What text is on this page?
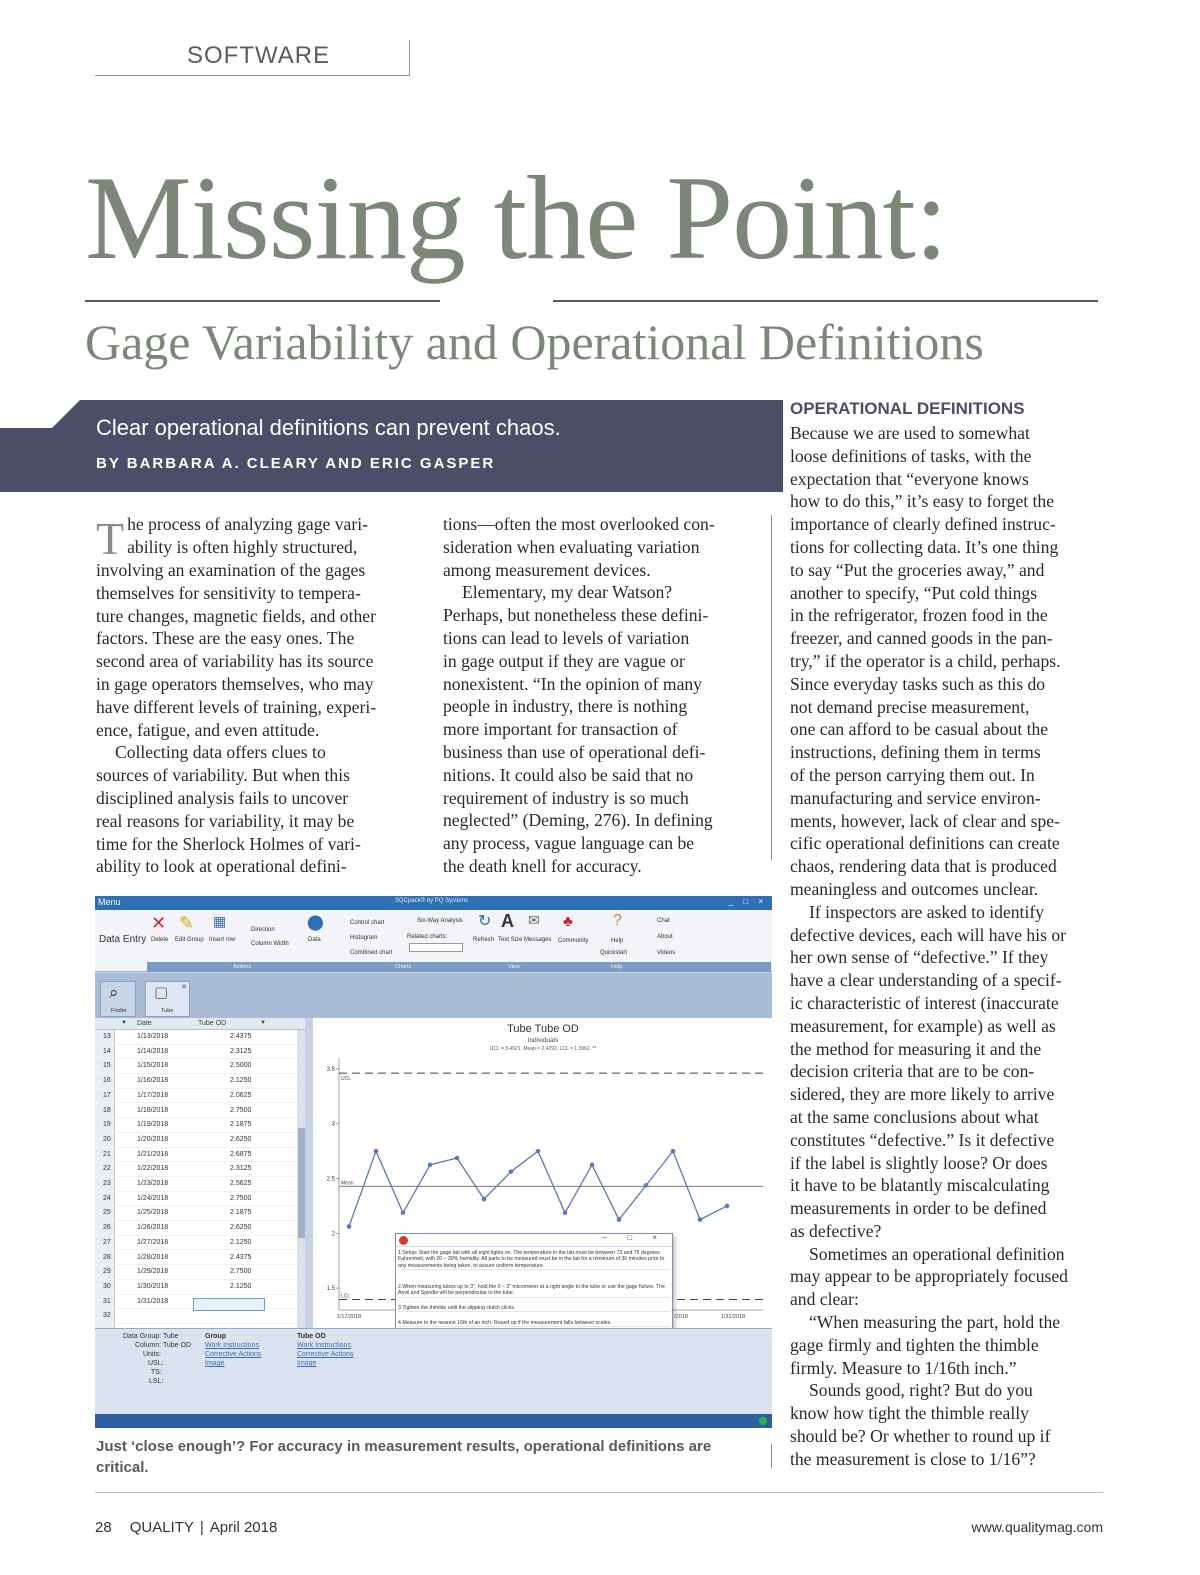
SOFTWARE
Missing the Point:
Gage Variability and Operational Definitions
Clear operational definitions can prevent chaos.
BY BARBARA A. CLEARY AND ERIC GASPER
T he process of analyzing gage vari-
ability is often highly structured,
involving an examination of the gages
themselves for sensitivity to tempera-
ture changes, magnetic fields, and other
factors. These are the easy ones. The
second area of variability has its source
in gage operators themselves, who may
have different levels of training, experi-
ence, fatigue, and even attitude.
Collecting data offers clues to
sources of variability. But when this
disciplined analysis fails to uncover
real reasons for variability, it may be
time for the Sherlock Holmes of vari-
ability to look at operational defini-
tions—often the most overlooked con-
sideration when evaluating variation
among measurement devices.
Elementary, my dear Watson?
Perhaps, but nonetheless these defini-
tions can lead to levels of variation
in gage output if they are vague or
nonexistent. “In the opinion of many
people in industry, there is nothing
more important for transaction of
business than use of operational defi-
nitions. It could also be said that no
requirement of industry is so much
neglected” (Deming, 276). In defining
any process, vague language can be
the death knell for accuracy.
OPERATIONAL DEFINITIONS
Because we are used to somewhat
loose definitions of tasks, with the
expectation that “everyone knows
how to do this,” it’s easy to forget the
importance of clearly defined instruc-
tions for collecting data. It’s one thing
to say “Put the groceries away,” and
another to specify, “Put cold things
in the refrigerator, frozen food in the
freezer, and canned goods in the pan-
try,” if the operator is a child, perhaps.
Since everyday tasks such as this do
not demand precise measurement,
one can afford to be casual about the
instructions, defining them in terms
of the person carrying them out. In
manufacturing and service environ-
ments, however, lack of clear and spe-
cific operational definitions can create
chaos, rendering data that is produced
meaningless and outcomes unclear.
If inspectors are asked to identify
defective devices, each will have his or
her own sense of “defective.” If they
have a clear understanding of a specif-
ic characteristic of interest (inaccurate
measurement, for example) as well as
the method for measuring it and the
decision criteria that are to be con-
sidered, they are more likely to arrive
at the same conclusions about what
constitutes “defective.” Is it defective
if the label is slightly loose? Or does
it have to be blatantly miscalculating
measurements in order to be defined
as defective?
Sometimes an operational definition
may appear to be appropriately focused
and clear:
“When measuring the part, hold the
gage firmly and tighten the thimble
firmly. Measure to 1/16th inch.”
Sounds good, right? But do you
know how tight the thimble really
should be? Or whether to round up if
the measurement is close to 1/16”?
Menu	SQCpack® by PQ Systems	_ □ ×
Data Entry
✕ ✎ ▦	⬤	↻ A ✉ ♣	?
Delete Edit Group Insert row
Direction
Column Width
Data
Control chart
Histogram
Combined chart
Six-Way Analysis
Related charts:	Refresh Text Size Messages Community	Help
Quickstart
Chat
About
Videos
Actions	Charts	View	Help
⌕
Finder
▢
Tube
✕
Date	Tube OD
▼	▼
13	1/13/2018	2.4375
14	1/14/2018	2.3125
15	1/15/2018	2.5000
16	1/16/2018	2.1250
17	1/17/2018	2.0625
18	1/18/2018	2.7500
19	1/19/2018	2.1875
20	1/20/2018	2.6250
21	1/21/2018	2.6875
22	1/22/2018	2.3125
23	1/23/2018	2.5625
24	1/24/2018	2.7500
25	1/25/2018	2.1875
26	1/26/2018	2.6250
27	1/27/2018	2.1250
28	1/28/2018	2.4375
29	1/29/2018	2.7500
30	1/30/2018	2.1250
31	1/31/2018
32
Tube Tube OD
Individuals
UCL = 3.4621, Mean = 2.4292, LCL = 1.3962, **
3.5
3
2.5
2
1.5
UCL
Mean
LCL
1/17/2018	/2018	1/31/2018
– □ ×
1.Setup: Start the gage lab with all eight lights on. The temperature in the lab must be between 73 and 75 degrees Fahrenheit, with 20 – 30% humidity. All parts to be measured must be in the lab for a minimum of 30 minutes prior to any measurements being taken, to assure uniform temperature.
2.When measuring tubes up to 3", hold the 0 – 3" micrometer at a right angle to the tube or use the gage fixture. The Anvil and Spindle will be perpendicular to the tube.
3.Tighten the thimble until the slipping clutch clicks.
4.Measure to the nearest 16th of an inch. Round up if the measurement falls between scales.
Data Group: Tube
Column: Tube OD
Units:
USL:
TS:
LSL:
Group
Work Instructions
Corrective Actions
Image
Tube OD
Work Instructions
Corrective Actions
Image
Just ‘close enough’? For accuracy in measurement results, operational definitions are critical.
28 QUALITY | April 2018	www.qualitymag.com
